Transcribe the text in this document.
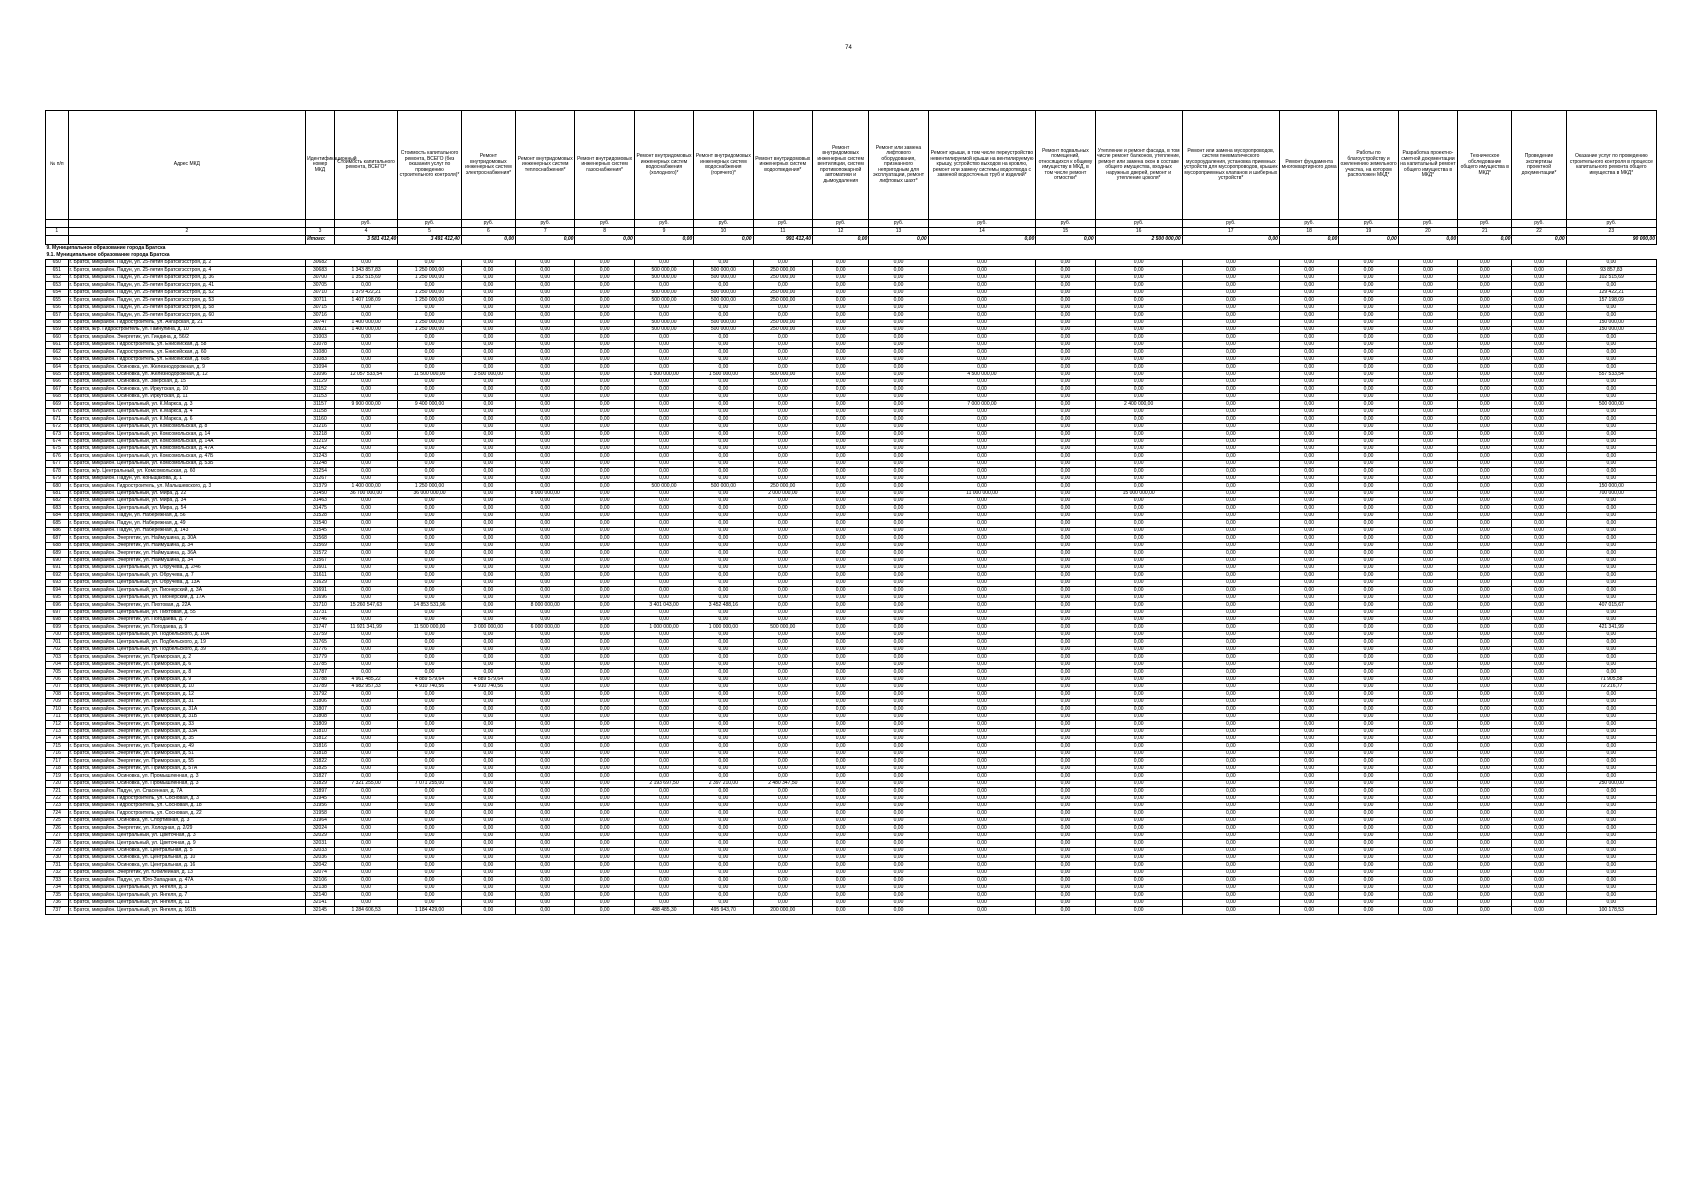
74
№ п/п	Адрес МКД	Идентификационный номер МКД	Стоимость капитального ремонта, ВСЕГО*	Стоимость капитального ремонта, ВСЕГО (без оказания услуг по проведению строительного контроля)*	Ремонт внутридомовых инженерных систем электроснабжения*	Ремонт внутридомовых инженерных систем теплоснабжения*	Ремонт внутридомовых инженерных систем газоснабжения*	Ремонт внутридомовых инженерных систем водоснабжения (холодного)*	Ремонт внутридомовых инженерных систем водоснабжения (горячего)*	Ремонт внутридомовых инженерных систем водоотведения*	Ремонт внутридомовых инженерных систем вентиляции, систем противопожарной автоматики и дымоудаления	Ремонт или замена лифтового оборудования, признанного непригодным для эксплуатации, ремонт лифтовых шахт*	Ремонт крыши, в том числе переустройство невентилируемой крыши на вентилируемую крышу, устройство выходов на кровлю, ремонт или замену системы водоотвода с заменой водосточных труб и изделий*	Ремонт подвальных помещений, относящихся к общему имуществу в МКД, в том числе ремонт отмостки*	Утепление и ремонт фасада, в том числе ремонт балконов, утепление, ремонт или замена окон в составе общего имущества, входных наружных дверей, ремонт и утепление цоколя*	Ремонт или замена мусоропроводов, систем пневматического мусороудаления, установка приемных устройств для мусоропроводов, крышек мусороприемных клапанов и шиберных устройств*	Ремонт фундамента многоквартирного дома	Работы по благоустройству и озеленению земельного участка, на котором расположен МКД*	Разработка проектно-сметной документации на капитальный ремонт общего имущества в МКД*	Техническое обследование общего имущества в МКД*	Проведение экспертизы проектной документации*	Оказание услуг по проведению строительного контроля в процессе капитального ремонта общего имущества в МКД*
			руб.	руб.	руб.	руб.	руб.	руб.	руб.	руб.	руб.	руб.	руб.	руб.	руб.	руб.	руб.	руб.	руб.	руб.	руб.	руб.
1	2	3	4	5	6	7	8	9	10	11	12	13	14	15	16	17	18	19	20	21	22	23
		Итого:	3 581 412,40	3 491 412,40	0,00	0,00	0,00	0,00	0,00	991 412,40	0,00	0,00	0,00	0,00	2 500 000,00	0,00	0,00	0,00	0,00	0,00	0,00	90 000,00
9. Муниципальное образование города Братска																						
9.1. Муниципальное образование города Братска																						
650	г. Братск, микрайон. Падун, ул. 25-летия Братскгэсстроя, д. 2	30682	0,00	0,00	0,00	0,00	0,00	0,00	0,00	0,00	0,00	0,00	0,00	0,00	0,00	0,00	0,00	0,00	0,00	0,00	0,00	0,00
651	г. Братск, микрайон. Падун, ул. 25-летия Братскгэсстроя, д. 4	30683	1 343 857,83	1 250 000,00	0,00	0,00	0,00	500 000,00	500 000,00	250 000,00	0,00	0,00	0,00	0,00	0,00	0,00	0,00	0,00	0,00	0,00	0,00	93 857,83
652	г. Братск, микрайон. Падун, ул. 25-летия Братскгэсстроя, д. 36	30700	1 352 515,69	1 250 000,00	0,00	0,00	0,00	500 000,00	500 000,00	250 000,00	0,00	0,00	0,00	0,00	0,00	0,00	0,00	0,00	0,00	0,00	0,00	102 515,69
653	г. Братск, микрайон. Падун, ул. 25-летия Братскгэсстроя, д. 41	30705	0,00	0,00	0,00	0,00	0,00	0,00	0,00	0,00	0,00	0,00	0,00	0,00	0,00	0,00	0,00	0,00	0,00	0,00	0,00	0,00
654	г. Братск, микрайон. Падун, ул. 25-летия Братскгэсстроя, д. 52	30710	1 379 422,21	1 250 000,00	0,00	0,00	0,00	500 000,00	500 000,00	250 000,00	0,00	0,00	0,00	0,00	0,00	0,00	0,00	0,00	0,00	0,00	0,00	129 422,21
655	г. Братск, микрайон. Падун, ул. 25-летия Братскгэсстроя, д. 53	30711	1 407 198,09	1 250 000,00	0,00	0,00	0,00	500 000,00	500 000,00	250 000,00	0,00	0,00	0,00	0,00	0,00	0,00	0,00	0,00	0,00	0,00	0,00	157 198,09
656	г. Братск, микрайон. Падун, ул. 25-летия Братскгэсстроя, д. 58	30715	0,00	0,00	0,00	0,00	0,00	0,00	0,00	0,00	0,00	0,00	0,00	0,00	0,00	0,00	0,00	0,00	0,00	0,00	0,00	0,00
657	г. Братск, микрайон. Падун, ул. 25-летия Братскгэсстроя, д. 60	30716	0,00	0,00	0,00	0,00	0,00	0,00	0,00	0,00	0,00	0,00	0,00	0,00	0,00	0,00	0,00	0,00	0,00	0,00	0,00	0,00
658	г. Братск, микрайон. Гидростроитель, ул. Ангарская, д. 21	30747	1 400 000,00	1 250 000,00	0,00	0,00	0,00	500 000,00	500 000,00	250 000,00	0,00	0,00	0,00	0,00	0,00	0,00	0,00	0,00	0,00	0,00	0,00	150 000,00
659	г. Братск, ж/р. Гидростроитель, ул. Гайнулина, д. 10	30921	1 400 000,00	1 250 000,00	0,00	0,00	0,00	500 000,00	500 000,00	250 000,00	0,00	0,00	0,00	0,00	0,00	0,00	0,00	0,00	0,00	0,00	0,00	150 000,00
660	г. Братск, микрайон. Энергетик, ул. Гиндина, д. 56/2	31003	0,00	0,00	0,00	0,00	0,00	0,00	0,00	0,00	0,00	0,00	0,00	0,00	0,00	0,00	0,00	0,00	0,00	0,00	0,00	0,00
661	г. Братск, микрайон. Гидростроитель, ул. Енисейская, д. 58	31078	0,00	0,00	0,00	0,00	0,00	0,00	0,00	0,00	0,00	0,00	0,00	0,00	0,00	0,00	0,00	0,00	0,00	0,00	0,00	0,00
662	г. Братск, микрайон. Гидростроитель, ул. Енисейская, д. 60	31080	0,00	0,00	0,00	0,00	0,00	0,00	0,00	0,00	0,00	0,00	0,00	0,00	0,00	0,00	0,00	0,00	0,00	0,00	0,00	0,00
663	г. Братск, микрайон. Гидростроитель, ул. Енисейская, д. 60Б	31083	0,00	0,00	0,00	0,00	0,00	0,00	0,00	0,00	0,00	0,00	0,00	0,00	0,00	0,00	0,00	0,00	0,00	0,00	0,00	0,00
664	г. Братск, микрайон. Осиновка, ул. Железнодорожная, д. 9	31094	0,00	0,00	0,00	0,00	0,00	0,00	0,00	0,00	0,00	0,00	0,00	0,00	0,00	0,00	0,00	0,00	0,00	0,00	0,00	0,00
665	г. Братск, микрайон. Осиновка, ул. Железнодорожная, д. 12	31096	12 057 533,54	11 500 000,00	3 500 000,00	0,00	0,00	1 500 000,00	1 500 000,00	500 000,00	0,00	0,00	4 500 000,00	0,00	0,00	0,00	0,00	0,00	0,00	0,00	0,00	557 533,54
666	г. Братск, микрайон. Осиновка, ул. Зверская, д. 15	31129	0,00	0,00	0,00	0,00	0,00	0,00	0,00	0,00	0,00	0,00	0,00	0,00	0,00	0,00	0,00	0,00	0,00	0,00	0,00	0,00
667	г. Братск, микрайон. Осиновка, ул. Иркутская, д. 10	31152	0,00	0,00	0,00	0,00	0,00	0,00	0,00	0,00	0,00	0,00	0,00	0,00	0,00	0,00	0,00	0,00	0,00	0,00	0,00	0,00
668	г. Братск, микрайон. Осиновка, ул. Иркутская, д. 11	31153	0,00	0,00	0,00	0,00	0,00	0,00	0,00	0,00	0,00	0,00	0,00	0,00	0,00	0,00	0,00	0,00	0,00	0,00	0,00	0,00
669	г. Братск, микрайон. Центральный, ул. К.Маркса, д. 3	31157	9 900 000,00	9 400 000,00	0,00	0,00	0,00	0,00	0,00	0,00	0,00	0,00	7 000 000,00	0,00	2 400 000,00	0,00	0,00	0,00	0,00	0,00	0,00	500 000,00
670	г. Братск, микрайон. Центральный, ул. К.Маркса, д. 4	31158	0,00	0,00	0,00	0,00	0,00	0,00	0,00	0,00	0,00	0,00	0,00	0,00	0,00	0,00	0,00	0,00	0,00	0,00	0,00	0,00
671	г. Братск, микрайон. Центральный, ул. К.Маркса, д. 6	31160	0,00	0,00	0,00	0,00	0,00	0,00	0,00	0,00	0,00	0,00	0,00	0,00	0,00	0,00	0,00	0,00	0,00	0,00	0,00	0,00
672	г. Братск, микрайон. Центральный, ул. Комсомольская, д. 8	31216	0,00	0,00	0,00	0,00	0,00	0,00	0,00	0,00	0,00	0,00	0,00	0,00	0,00	0,00	0,00	0,00	0,00	0,00	0,00	0,00
673	г. Братск, микрайон. Центральный, ул. Комсомольская, д. 14	31218	0,00	0,00	0,00	0,00	0,00	0,00	0,00	0,00	0,00	0,00	0,00	0,00	0,00	0,00	0,00	0,00	0,00	0,00	0,00	0,00
674	г. Братск, микрайон. Центральный, ул. Комсомольская, д. 14А	31219	0,00	0,00	0,00	0,00	0,00	0,00	0,00	0,00	0,00	0,00	0,00	0,00	0,00	0,00	0,00	0,00	0,00	0,00	0,00	0,00
675	г. Братск, микрайон. Центральный, ул. Комсомольская, д. 47А	31242	0,00	0,00	0,00	0,00	0,00	0,00	0,00	0,00	0,00	0,00	0,00	0,00	0,00	0,00	0,00	0,00	0,00	0,00	0,00	0,00
676	г. Братск, микрайон. Центральный, ул. Комсомольская, д. 47Б	31243	0,00	0,00	0,00	0,00	0,00	0,00	0,00	0,00	0,00	0,00	0,00	0,00	0,00	0,00	0,00	0,00	0,00	0,00	0,00	0,00
677	г. Братск, микрайон. Центральный, ул. Комсомольская, д. 53Б	31248	0,00	0,00	0,00	0,00	0,00	0,00	0,00	0,00	0,00	0,00	0,00	0,00	0,00	0,00	0,00	0,00	0,00	0,00	0,00	0,00
678	г. Братск, ж/р. Центральный, ул. Комсомольская, д. 60	31254	0,00	0,00	0,00	0,00	0,00	0,00	0,00	0,00	0,00	0,00	0,00	0,00	0,00	0,00	0,00	0,00	0,00	0,00	0,00	0,00
679	г. Братск, микрайон. Падун, ул. Коньщакова, д. 1	31267	0,00	0,00	0,00	0,00	0,00	0,00	0,00	0,00	0,00	0,00	0,00	0,00	0,00	0,00	0,00	0,00	0,00	0,00	0,00	0,00
680	г. Братск, микрайон. Гидростроитель, ул. Малышевского, д. 3	31379	1 400 000,00	1 250 000,00	0,00	0,00	0,00	500 000,00	500 000,00	250 000,00	0,00	0,00	0,00	0,00	0,00	0,00	0,00	0,00	0,00	0,00	0,00	150 000,00
681	г. Братск, микрайон. Центральный, ул. Мира, д. 22	31450	36 700 000,00	36 000 000,00	0,00	8 000 000,00	0,00	0,00	0,00	2 000 000,00	0,00	0,00	11 000 000,00	0,00	15 000 000,00	0,00	0,00	0,00	0,00	0,00	0,00	700 000,00
682	г. Братск, микрайон. Центральный, ул. Мира, д. 34	31463	0,00	0,00	0,00	0,00	0,00	0,00	0,00	0,00	0,00	0,00	0,00	0,00	0,00	0,00	0,00	0,00	0,00	0,00	0,00	0,00
683	г. Братск, микрайон. Центральный, ул. Мира, д. 54	31475	0,00	0,00	0,00	0,00	0,00	0,00	0,00	0,00	0,00	0,00	0,00	0,00	0,00	0,00	0,00	0,00	0,00	0,00	0,00	0,00
684	г. Братск, микрайон. Падун, ул. Набережная, д. 56	31528	0,00	0,00	0,00	0,00	0,00	0,00	0,00	0,00	0,00	0,00	0,00	0,00	0,00	0,00	0,00	0,00	0,00	0,00	0,00	0,00
685	г. Братск, микрайон. Падун, ул. Набережная, д. 49	31540	0,00	0,00	0,00	0,00	0,00	0,00	0,00	0,00	0,00	0,00	0,00	0,00	0,00	0,00	0,00	0,00	0,00	0,00	0,00	0,00
686	г. Братск, микрайон. Падун, ул. Набережная, д. 143	31545	0,00	0,00	0,00	0,00	0,00	0,00	0,00	0,00	0,00	0,00	0,00	0,00	0,00	0,00	0,00	0,00	0,00	0,00	0,00	0,00
687	г. Братск, микрайон. Энергетик, ул. Наймушина, д. 30А	31568	0,00	0,00	0,00	0,00	0,00	0,00	0,00	0,00	0,00	0,00	0,00	0,00	0,00	0,00	0,00	0,00	0,00	0,00	0,00	0,00
688	г. Братск, микрайон. Энергетик, ул. Наймушина, д. 34	31569	0,00	0,00	0,00	0,00	0,00	0,00	0,00	0,00	0,00	0,00	0,00	0,00	0,00	0,00	0,00	0,00	0,00	0,00	0,00	0,00
689	г. Братск, микрайон. Энергетик, ул. Наймушина, д. 36А	31572	0,00	0,00	0,00	0,00	0,00	0,00	0,00	0,00	0,00	0,00	0,00	0,00	0,00	0,00	0,00	0,00	0,00	0,00	0,00	0,00
690	г. Братск, микрайон. Энергетик, ул. Наймушина, д. 34	31567	0,00	0,00	0,00	0,00	0,00	0,00	0,00	0,00	0,00	0,00	0,00	0,00	0,00	0,00	0,00	0,00	0,00	0,00	0,00	0,00
691	г. Братск, микрайон. Центральный, ул. Обручева, д. 2/46	31601	0,00	0,00	0,00	0,00	0,00	0,00	0,00	0,00	0,00	0,00	0,00	0,00	0,00	0,00	0,00	0,00	0,00	0,00	0,00	0,00
692	г. Братск, микрайон. Центральный, ул. Обручева, д. 7	31611	0,00	0,00	0,00	0,00	0,00	0,00	0,00	0,00	0,00	0,00	0,00	0,00	0,00	0,00	0,00	0,00	0,00	0,00	0,00	0,00
693	г. Братск, микрайон. Центральный, ул. Обручева, д. 13А	31629	0,00	0,00	0,00	0,00	0,00	0,00	0,00	0,00	0,00	0,00	0,00	0,00	0,00	0,00	0,00	0,00	0,00	0,00	0,00	0,00
694	г. Братск, микрайон. Центральный, ул. Пионерский, д. 3А	31691	0,00	0,00	0,00	0,00	0,00	0,00	0,00	0,00	0,00	0,00	0,00	0,00	0,00	0,00	0,00	0,00	0,00	0,00	0,00	0,00
695	г. Братск, микрайон. Центральный, ул. Пионерский, д. 17А	31696	0,00	0,00	0,00	0,00	0,00	0,00	0,00	0,00	0,00	0,00	0,00	0,00	0,00	0,00	0,00	0,00	0,00	0,00	0,00	0,00
696	г. Братск, микрайон. Энергетик, ул. Пихтовая, д. 22А	31710	15 260 547,63	14 853 531,96	0,00	8 000 000,00	0,00	3 401 043,00	3 452 488,16	0,00	0,00	0,00	0,00	0,00	0,00	0,00	0,00	0,00	0,00	0,00	0,00	407 015,67
697	г. Братск, микрайон. Центральный, ул. Пихтовая, д. 55	31731	0,00	0,00	0,00	0,00	0,00	0,00	0,00	0,00	0,00	0,00	0,00	0,00	0,00	0,00	0,00	0,00	0,00	0,00	0,00	0,00
698	г. Братск, микрайон. Энергетик, ул. Погодаева, д. 7	31746	0,00	0,00	0,00	0,00	0,00	0,00	0,00	0,00	0,00	0,00	0,00	0,00	0,00	0,00	0,00	0,00	0,00	0,00	0,00	0,00
699	г. Братск, микрайон. Энергетик, ул. Погодаева, д. 9	31747	11 921 341,99	11 500 000,00	3 000 000,00	6 000 000,00	0,00	1 000 000,00	1 000 000,00	500 000,00	0,00	0,00	0,00	0,00	0,00	0,00	0,00	0,00	0,00	0,00	0,00	421 341,99
700	г. Братск, микрайон. Центральный, ул. Подбельского, д. 10А	31759	0,00	0,00	0,00	0,00	0,00	0,00	0,00	0,00	0,00	0,00	0,00	0,00	0,00	0,00	0,00	0,00	0,00	0,00	0,00	0,00
701	г. Братск, микрайон. Центральный, ул. Подбельского, д. 19	31765	0,00	0,00	0,00	0,00	0,00	0,00	0,00	0,00	0,00	0,00	0,00	0,00	0,00	0,00	0,00	0,00	0,00	0,00	0,00	0,00
702	г. Братск, микрайон. Центральный, ул. Подбельского, д. 39	31776	0,00	0,00	0,00	0,00	0,00	0,00	0,00	0,00	0,00	0,00	0,00	0,00	0,00	0,00	0,00	0,00	0,00	0,00	0,00	0,00
703	г. Братск, микрайон. Энергетик, ул. Приморская, д. 2	31779	0,00	0,00	0,00	0,00	0,00	0,00	0,00	0,00	0,00	0,00	0,00	0,00	0,00	0,00	0,00	0,00	0,00	0,00	0,00	0,00
704	г. Братск, микрайон. Энергетик, ул. Приморская, д. 6	31785	0,00	0,00	0,00	0,00	0,00	0,00	0,00	0,00	0,00	0,00	0,00	0,00	0,00	0,00	0,00	0,00	0,00	0,00	0,00	0,00
705	г. Братск, микрайон. Энергетик, ул. Приморская, д. 8	31787	0,00	0,00	0,00	0,00	0,00	0,00	0,00	0,00	0,00	0,00	0,00	0,00	0,00	0,00	0,00	0,00	0,00	0,00	0,00	0,00
706	г. Братск, микрайон. Энергетик, ул. Приморская, д. 9	31788	4 961 485,22	4 889 579,64	4 889 579,64	0,00	0,00	0,00	0,00	0,00	0,00	0,00	0,00	0,00	0,00	0,00	0,00	0,00	0,00	0,00	0,00	71 905,58
707	г. Братск, микрайон. Энергетик, ул. Приморская, д. 10	31789	4 982 957,33	4 910 740,56	4 910 740,56	0,00	0,00	0,00	0,00	0,00	0,00	0,00	0,00	0,00	0,00	0,00	0,00	0,00	0,00	0,00	0,00	72 216,77
708	г. Братск, микрайон. Энергетик, ул. Приморская, д. 12	31792	0,00	0,00	0,00	0,00	0,00	0,00	0,00	0,00	0,00	0,00	0,00	0,00	0,00	0,00	0,00	0,00	0,00	0,00	0,00	0,00
709	г. Братск, микрайон. Энергетик, ул. Приморская, д. 31	31806	0,00	0,00	0,00	0,00	0,00	0,00	0,00	0,00	0,00	0,00	0,00	0,00	0,00	0,00	0,00	0,00	0,00	0,00	0,00	0,00
710	г. Братск, микрайон. Энергетик, ул. Приморская, д. 31А	31807	0,00	0,00	0,00	0,00	0,00	0,00	0,00	0,00	0,00	0,00	0,00	0,00	0,00	0,00	0,00	0,00	0,00	0,00	0,00	0,00
711	г. Братск, микрайон. Энергетик, ул. Приморская, д. 31Б	31808	0,00	0,00	0,00	0,00	0,00	0,00	0,00	0,00	0,00	0,00	0,00	0,00	0,00	0,00	0,00	0,00	0,00	0,00	0,00	0,00
712	г. Братск, микрайон. Энергетик, ул. Приморская, д. 33	31809	0,00	0,00	0,00	0,00	0,00	0,00	0,00	0,00	0,00	0,00	0,00	0,00	0,00	0,00	0,00	0,00	0,00	0,00	0,00	0,00
713	г. Братск, микрайон. Энергетик, ул. Приморская, д. 33А	31810	0,00	0,00	0,00	0,00	0,00	0,00	0,00	0,00	0,00	0,00	0,00	0,00	0,00	0,00	0,00	0,00	0,00	0,00	0,00	0,00
714	г. Братск, микрайон. Энергетик, ул. Приморская, д. 35	31812	0,00	0,00	0,00	0,00	0,00	0,00	0,00	0,00	0,00	0,00	0,00	0,00	0,00	0,00	0,00	0,00	0,00	0,00	0,00	0,00
715	г. Братск, микрайон. Энергетик, ул. Приморская, д. 49	31816	0,00	0,00	0,00	0,00	0,00	0,00	0,00	0,00	0,00	0,00	0,00	0,00	0,00	0,00	0,00	0,00	0,00	0,00	0,00	0,00
716	г. Братск, микрайон. Энергетик, ул. Приморская, д. 51	31818	0,00	0,00	0,00	0,00	0,00	0,00	0,00	0,00	0,00	0,00	0,00	0,00	0,00	0,00	0,00	0,00	0,00	0,00	0,00	0,00
717	г. Братск, микрайон. Энергетик, ул. Приморская, д. 55	31822	0,00	0,00	0,00	0,00	0,00	0,00	0,00	0,00	0,00	0,00	0,00	0,00	0,00	0,00	0,00	0,00	0,00	0,00	0,00	0,00
718	г. Братск, микрайон. Энергетик, ул. Приморская, д. 57А	31825	0,00	0,00	0,00	0,00	0,00	0,00	0,00	0,00	0,00	0,00	0,00	0,00	0,00	0,00	0,00	0,00	0,00	0,00	0,00	0,00
719	г. Братск, микрайон. Осиновка, ул. Промышленная, д. 3	31827	0,00	0,00	0,00	0,00	0,00	0,00	0,00	0,00	0,00	0,00	0,00	0,00	0,00	0,00	0,00	0,00	0,00	0,00	0,00	0,00
720	г. Братск, микрайон. Осиновка, ул. Промышленная, д. 3	31829	7 321 255,00	7 071 255,00	0,00	0,00	0,00	2 193 697,50	2 397 210,00	2 480 347,50	0,00	0,00	0,00	0,00	0,00	0,00	0,00	0,00	0,00	0,00	0,00	250 000,00
721	г. Братск, микрайон. Падун, ул. Спасенная, д. 7А	31897	0,00	0,00	0,00	0,00	0,00	0,00	0,00	0,00	0,00	0,00	0,00	0,00	0,00	0,00	0,00	0,00	0,00	0,00	0,00	0,00
722	г. Братск, микрайон. Гидростроитель, ул. Сосновая, д. 3	31945	0,00	0,00	0,00	0,00	0,00	0,00	0,00	0,00	0,00	0,00	0,00	0,00	0,00	0,00	0,00	0,00	0,00	0,00	0,00	0,00
723	г. Братск, микрайон. Гидростроитель, ул. Сосновая, д. 18	31956	0,00	0,00	0,00	0,00	0,00	0,00	0,00	0,00	0,00	0,00	0,00	0,00	0,00	0,00	0,00	0,00	0,00	0,00	0,00	0,00
724	г. Братск, микрайон. Гидростроитель, ул. Сосновая, д. 22	31958	0,00	0,00	0,00	0,00	0,00	0,00	0,00	0,00	0,00	0,00	0,00	0,00	0,00	0,00	0,00	0,00	0,00	0,00	0,00	0,00
725	г. Братск, микрайон. Осиновка, ул. Спортивная, д. 3	31964	0,00	0,00	0,00	0,00	0,00	0,00	0,00	0,00	0,00	0,00	0,00	0,00	0,00	0,00	0,00	0,00	0,00	0,00	0,00	0,00
726	г. Братск, микрайон. Энергетик, ул. Холодная, д. 2/29	32024	0,00	0,00	0,00	0,00	0,00	0,00	0,00	0,00	0,00	0,00	0,00	0,00	0,00	0,00	0,00	0,00	0,00	0,00	0,00	0,00
727	г. Братск, микрайон. Центральный, ул. Цветочная, д. 3	32029	0,00	0,00	0,00	0,00	0,00	0,00	0,00	0,00	0,00	0,00	0,00	0,00	0,00	0,00	0,00	0,00	0,00	0,00	0,00	0,00
728	г. Братск, микрайон. Центральный, ул. Цветочная, д. 9	32031	0,00	0,00	0,00	0,00	0,00	0,00	0,00	0,00	0,00	0,00	0,00	0,00	0,00	0,00	0,00	0,00	0,00	0,00	0,00	0,00
729	г. Братск, микрайон. Осиновка, ул. Центральная, д. 5	32033	0,00	0,00	0,00	0,00	0,00	0,00	0,00	0,00	0,00	0,00	0,00	0,00	0,00	0,00	0,00	0,00	0,00	0,00	0,00	0,00
730	г. Братск, микрайон. Осиновка, ул. Центральная, д. 10	32036	0,00	0,00	0,00	0,00	0,00	0,00	0,00	0,00	0,00	0,00	0,00	0,00	0,00	0,00	0,00	0,00	0,00	0,00	0,00	0,00
731	г. Братск, микрайон. Осиновка, ул. Центральная, д. 16	32042	0,00	0,00	0,00	0,00	0,00	0,00	0,00	0,00	0,00	0,00	0,00	0,00	0,00	0,00	0,00	0,00	0,00	0,00	0,00	0,00
732	г. Братск, микрайон. Энергетик, ул. Юбилейная, д. 13	32074	0,00	0,00	0,00	0,00	0,00	0,00	0,00	0,00	0,00	0,00	0,00	0,00	0,00	0,00	0,00	0,00	0,00	0,00	0,00	0,00
733	г. Братск, микрайон. Падун, ул. Юго-Западная, д. 47А	32106	0,00	0,00	0,00	0,00	0,00	0,00	0,00	0,00	0,00	0,00	0,00	0,00	0,00	0,00	0,00	0,00	0,00	0,00	0,00	0,00
734	г. Братск, микрайон. Центральный, ул. Янгеля, д. 3	32138	0,00	0,00	0,00	0,00	0,00	0,00	0,00	0,00	0,00	0,00	0,00	0,00	0,00	0,00	0,00	0,00	0,00	0,00	0,00	0,00
735	г. Братск, микрайон. Центральный, ул. Янгеля, д. 7	32140	0,00	0,00	0,00	0,00	0,00	0,00	0,00	0,00	0,00	0,00	0,00	0,00	0,00	0,00	0,00	0,00	0,00	0,00	0,00	0,00
736	г. Братск, микрайон. Центральный, ул. Янгеля, д. 11	32141	0,00	0,00	0,00	0,00	0,00	0,00	0,00	0,00	0,00	0,00	0,00	0,00	0,00	0,00	0,00	0,00	0,00	0,00	0,00	0,00
737	г. Братск, микрайон. Центральный, ул. Янгеля, д. 161Б	32145	1 284 606,53	1 184 429,00	0,00	0,00	0,00	488 485,30	495 943,70	200 000,00	0,00	0,00	0,00	0,00	0,00	0,00	0,00	0,00	0,00	0,00	0,00	100 178,53
